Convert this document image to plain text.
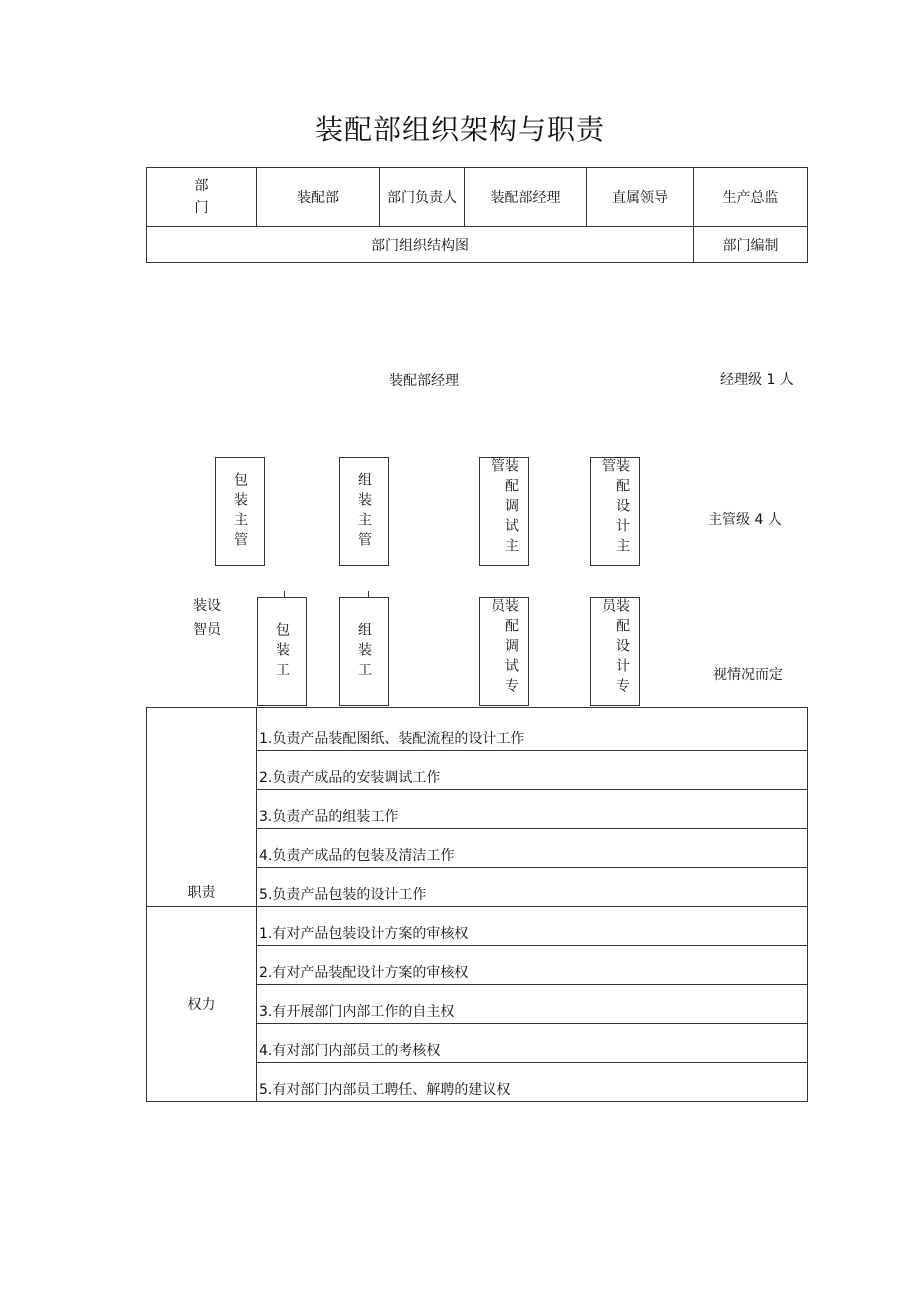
装配部组织架构与职责
部门	装配部	部门负责人	装配部经理	直属领导	生产总监
部门组织结构图					部门编制
装配部经理	经理级 1 人
包装主管	组装主管	装配调试主管	装配设计主管
主管级 4 人
装设智员	包装工	组装工	装配调试专员	装配设计专员
视情况而定
职责	1.负责产品装配图纸、装配流程的设计工作
	2.负责产成品的安装调试工作
	3.负责产品的组装工作
	4.负责产成品的包装及清洁工作
	5.负责产品包装的设计工作
权力	1.有对产品包装设计方案的审核权
	2.有对产品装配设计方案的审核权
	3.有开展部门内部工作的自主权
	4.有对部门内部员工的考核权
	5.有对部门内部员工聘任、解聘的建议权
